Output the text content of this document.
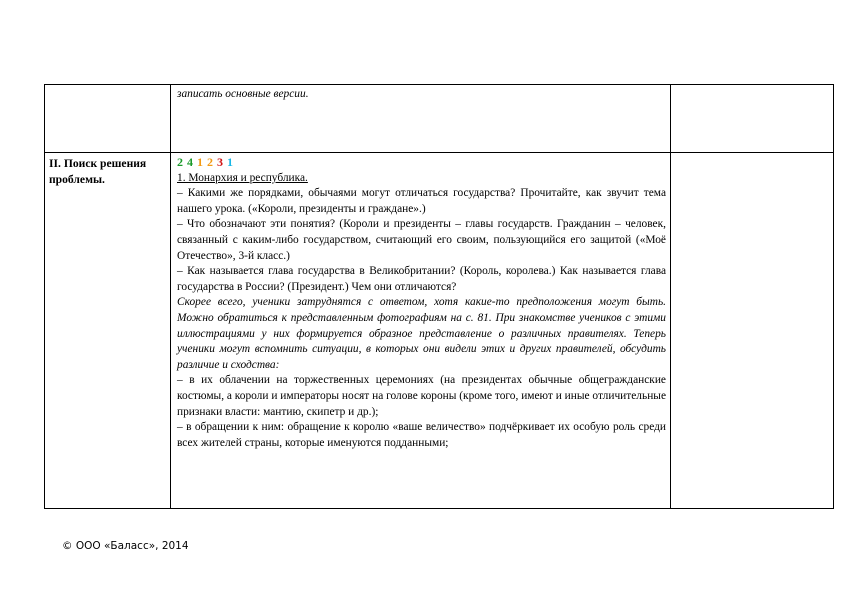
записать основные версии.

II. Поиск решения проблемы.
2 4 1 2 3 1

1. Монархия и республика.

– Какими же порядками, обычаями могут отличаться государства? Прочитайте, как звучит тема нашего урока. («Короли, президенты и граждане».)

– Что обозначают эти понятия? (Короли и президенты – главы государств. Гражданин – человек, связанный с каким-либо государством, считающий его своим, пользующийся его защитой («Моё Отечество», 3-й класс.)

– Как называется глава государства в Великобритании? (Король, королева.) Как называется глава государства в России? (Президент.) Чем они отличаются?

Скорее всего, ученики затруднятся с ответом, хотя какие-то предположения могут быть. Можно обратиться к представленным фотографиям на с. 81. При знакомстве учеников с этими иллюстрациями у них формируется образное представление о различных правителях. Теперь ученики могут вспомнить ситуации, в которых они видели этих и других правителей, обсудить различие и сходства:

– в их облачении на торжественных церемониях (на президентах обычные общегражданские костюмы, а короли и императоры носят на голове короны (кроме того, имеют и иные отличительные признаки власти: мантию, скипетр и др.);

– в обращении к ним: обращение к королю «ваше величество» подчёркивает их особую роль среди всех жителей страны, которые именуются подданными;

© ООО «Баласс», 2014
